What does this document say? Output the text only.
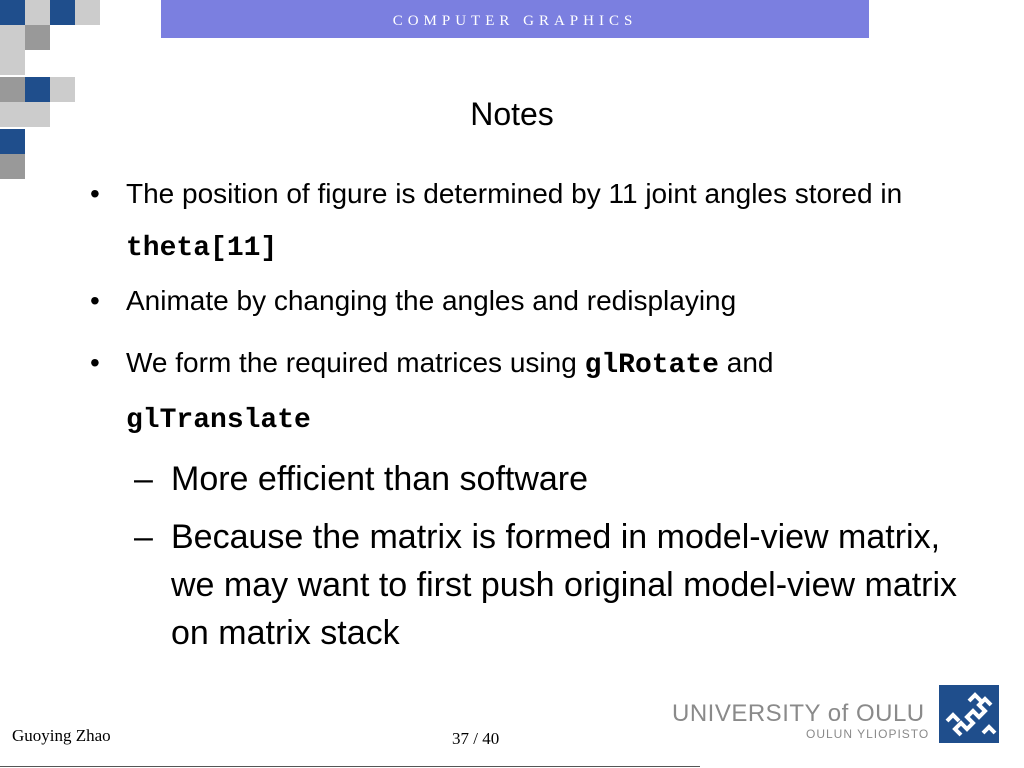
COMPUTER GRAPHICS
Notes
• The position of figure is determined by 11 joint angles stored in theta[11]
• Animate by changing the angles and redisplaying
• We form the required matrices using glRotate and glTranslate
– More efficient than software
– Because the matrix is formed in model-view matrix, we may want to first push original model-view matrix on matrix stack
Guoying Zhao	37 / 40
UNIVERSITY of OULU
OULUN YLIOPISTO
